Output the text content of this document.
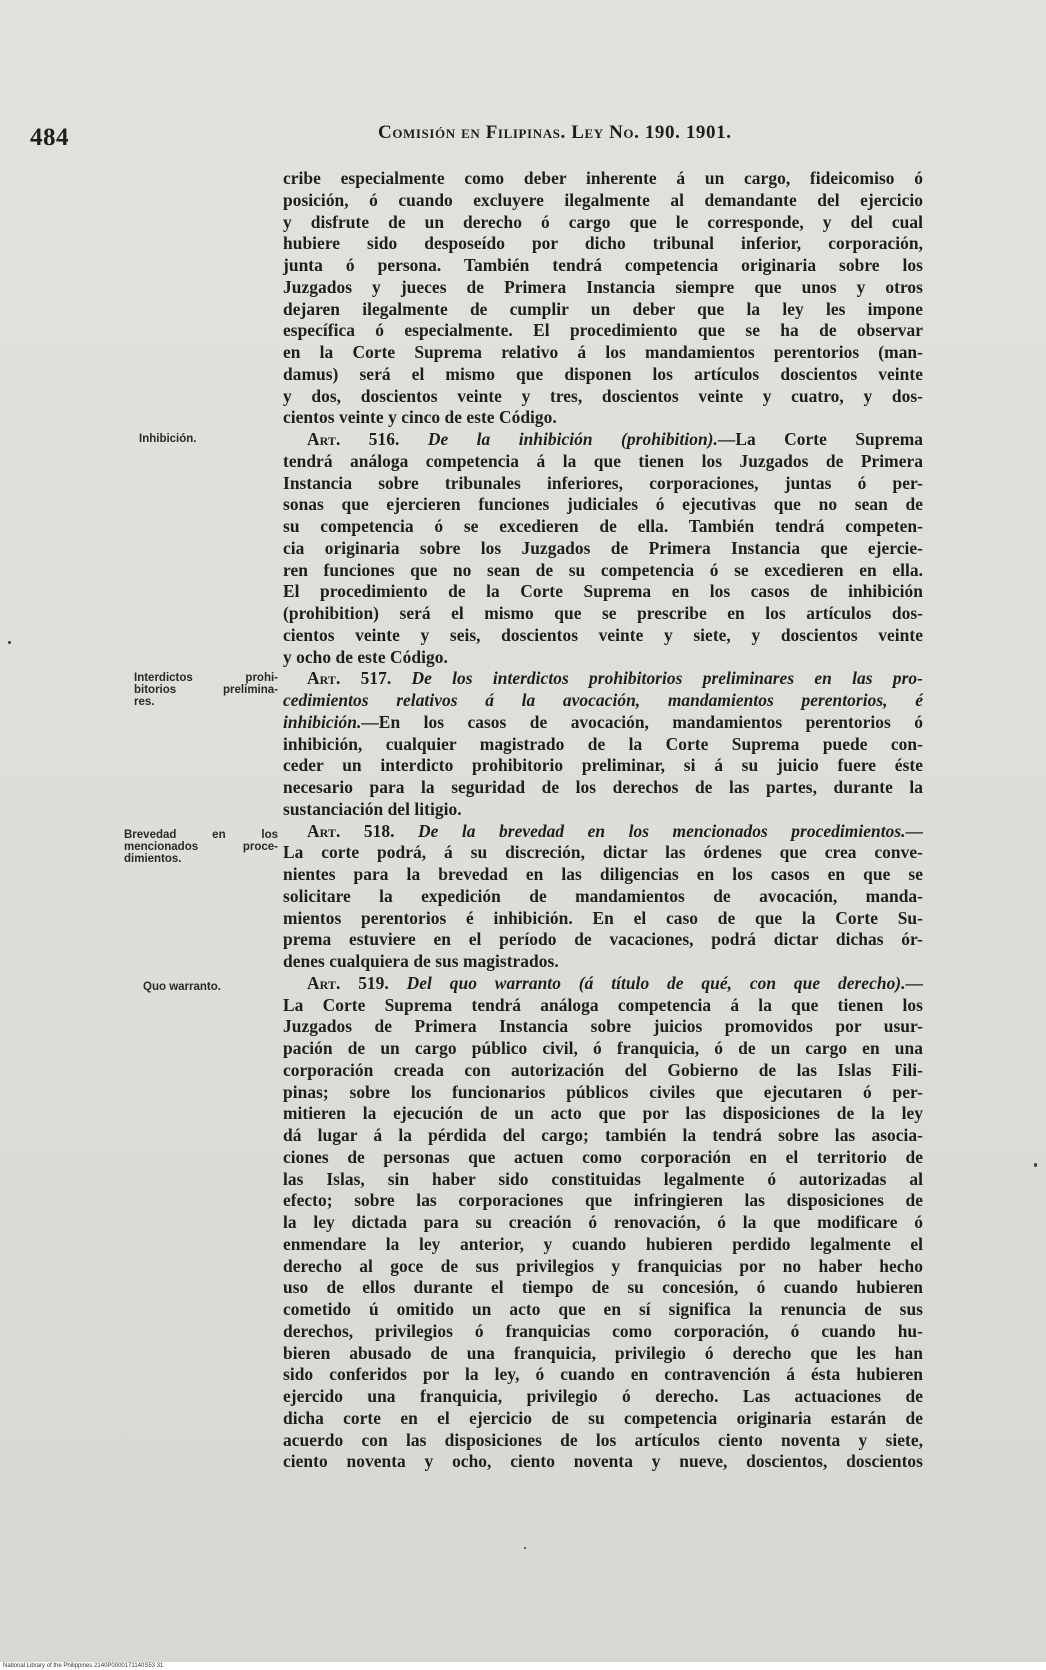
484	Comisión en Filipinas. Ley No. 190. 1901.
Inhibición.
Interdictos prohi-
bitorios prelimina-
res.
Brevedad en los
mencionados proce-
dimientos.
Quo warranto.
cribe especialmente como deber inherente á un cargo, fideicomiso ó
posición, ó cuando excluyere ilegalmente al demandante del ejercicio
y disfrute de un derecho ó cargo que le corresponde, y del cual
hubiere sido desposeído por dicho tribunal inferior, corporación,
junta ó persona. También tendrá competencia originaria sobre los
Juzgados y jueces de Primera Instancia siempre que unos y otros
dejaren ilegalmente de cumplir un deber que la ley les impone
específica ó especialmente. El procedimiento que se ha de observar
en la Corte Suprema relativo á los mandamientos perentorios (man-
damus) será el mismo que disponen los artículos doscientos veinte
y dos, doscientos veinte y tres, doscientos veinte y cuatro, y dos-
cientos veinte y cinco de este Código.
Art. 516. De la inhibición (prohibition).—La Corte Suprema
tendrá análoga competencia á la que tienen los Juzgados de Primera
Instancia sobre tribunales inferiores, corporaciones, juntas ó per-
sonas que ejercieren funciones judiciales ó ejecutivas que no sean de
su competencia ó se excedieren de ella. También tendrá competen-
cia originaria sobre los Juzgados de Primera Instancia que ejercie-
ren funciones que no sean de su competencia ó se excedieren en ella.
El procedimiento de la Corte Suprema en los casos de inhibición
(prohibition) será el mismo que se prescribe en los artículos dos-
cientos veinte y seis, doscientos veinte y siete, y doscientos veinte
y ocho de este Código.
Art. 517. De los interdictos prohibitorios preliminares en las pro-
cedimientos relativos á la avocación, mandamientos perentorios, é
inhibición.—En los casos de avocación, mandamientos perentorios ó
inhibición, cualquier magistrado de la Corte Suprema puede con-
ceder un interdicto prohibitorio preliminar, si á su juicio fuere éste
necesario para la seguridad de los derechos de las partes, durante la
sustanciación del litigio.
Art. 518. De la brevedad en los mencionados procedimientos.—
La corte podrá, á su discreción, dictar las órdenes que crea conve-
nientes para la brevedad en las diligencias en los casos en que se
solicitare la expedición de mandamientos de avocación, manda-
mientos perentorios é inhibición. En el caso de que la Corte Su-
prema estuviere en el período de vacaciones, podrá dictar dichas ór-
denes cualquiera de sus magistrados.
Art. 519. Del quo warranto (á título de qué, con que derecho).—
La Corte Suprema tendrá análoga competencia á la que tienen los
Juzgados de Primera Instancia sobre juicios promovidos por usur-
pación de un cargo público civil, ó franquicia, ó de un cargo en una
corporación creada con autorización del Gobierno de las Islas Fili-
pinas; sobre los funcionarios públicos civiles que ejecutaren ó per-
mitieren la ejecución de un acto que por las disposiciones de la ley
dá lugar á la pérdida del cargo; también la tendrá sobre las asocia-
ciones de personas que actuen como corporación en el territorio de
las Islas, sin haber sido constituidas legalmente ó autorizadas al
efecto; sobre las corporaciones que infringieren las disposiciones de
la ley dictada para su creación ó renovación, ó la que modificare ó
enmendare la ley anterior, y cuando hubieren perdido legalmente el
derecho al goce de sus privilegios y franquicias por no haber hecho
uso de ellos durante el tiempo de su concesión, ó cuando hubieren
cometido ú omitido un acto que en sí significa la renuncia de sus
derechos, privilegios ó franquicias como corporación, ó cuando hu-
bieren abusado de una franquicia, privilegio ó derecho que les han
sido conferidos por la ley, ó cuando en contravención á ésta hubieren
ejercido una franquicia, privilegio ó derecho. Las actuaciones de
dicha corte en el ejercicio de su competencia originaria estarán de
acuerdo con las disposiciones de los artículos ciento noventa y siete,
ciento noventa y ocho, ciento noventa y nueve, doscientos, doscientos
National Library of the Philippines 2140P0000171140S53 31
